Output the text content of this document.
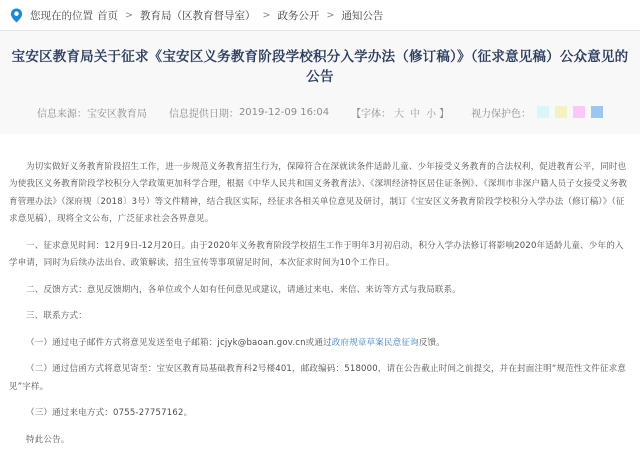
您现在的位置 首页 > 教育局（区教育督导室） > 政务公开 > 通知公告
宝安区教育局关于征求《宝安区义务教育阶段学校积分入学办法（修订稿）》（征求意见稿）公众意见的公告
信息来源： 宝安区教育局 信息提供日期： 2019-12-09 16:04 【字体： 大 中 小 】 视力保护色：

为切实做好义务教育阶段招生工作，进一步规范义务教育招生行为，保障符合在深就读条件适龄儿童、少年接受义务教育的合法权利，促进教育公平，同时也为使我区义务教育阶段学校积分入学政策更加科学合理，根据《中华人民共和国义务教育法》、《深圳经济特区居住证条例》、《深圳市非深户籍人员子女接受义务教育管理办法》（深府规〔2018〕3号）等文件精神，结合我区实际，经征求各相关单位意见及研讨，制订《宝安区义务教育阶段学校积分入学办法（修订稿）》（征求意见稿），现将全文公布，广泛征求社会各界意见。

一、征求意见时间：12月9日-12月20日。由于2020年义务教育阶段学校招生工作于明年3月初启动，积分入学办法修订将影响2020年适龄儿童、少年的入学申请，同时为后续办法出台、政策解读、招生宣传等事项留足时间，本次征求时间为10个工作日。

二、反馈方式：意见反馈期内，各单位或个人如有任何意见或建议，请通过来电、来信、来访等方式与我局联系。

三、联系方式：

（一）通过电子邮件方式将意见发送至电子邮箱：jcjyk@baoan.gov.cn或通过政府规章草案民意征询反馈。

（二）通过信函方式将意见寄至：宝安区教育局基础教育科2号楼401，邮政编码：518000，请在公告截止时间之前提交，并在封面注明“规范性文件征求意见”字样。

（三）通过来电方式：0755-27757162。

特此公告。
